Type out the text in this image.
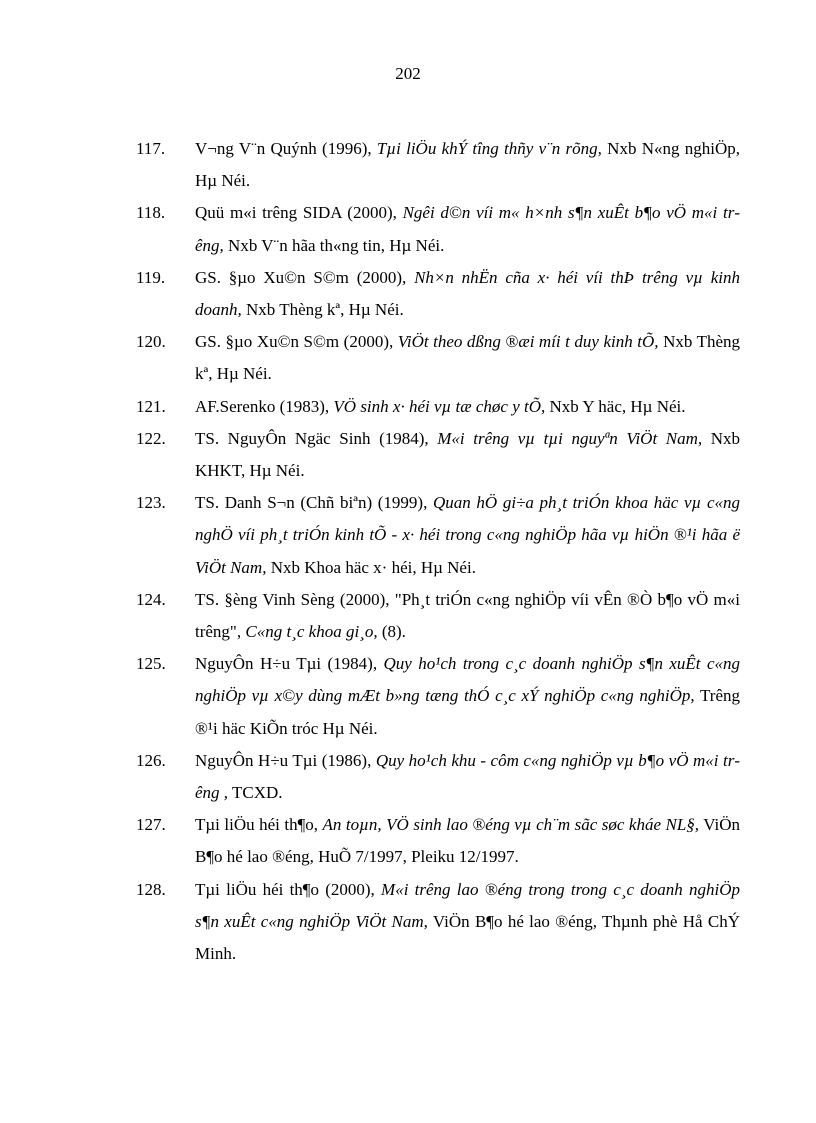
202
117 . V¬ng V¨n Quýnh (1996), Tµi liÖu khÝ tîng thñy v¨n rõng, Nxb N«ng nghiÖp, Hµ Néi.
118 . Quü m«i trêng SIDA (2000), Ngêi d©n víi m« h×nh s¶n xuÊt b¶o vÖ m«i trêng, Nxb V¨n hãa th«ng tin, Hµ Néi.
119 . GS. §µo Xu©n S©m (2000), Nh×n nhËn cña x· héi víi thÞ trêng vµ kinh doanh, Nxb Thèng kª, Hµ Néi.
120 . GS. §µo Xu©n S©m (2000), ViÖt theo dßng ®æi míi t duy kinh tÕ, Nxb Thèng kª, Hµ Néi.
121 . AF.Serenko (1983), VÖ sinh x· héi vµ tæ chøc y tÕ, Nxb Y häc, Hµ Néi.
122 . TS. NguyÔn Ngäc Sinh (1984), M«i trêng vµ tµi nguyªn ViÖt Nam, Nxb KHKT, Hµ Néi.
123 . TS. Danh S¬n (Chñ biªn) (1999), Quan hÖ gi÷a ph¸t triÓn khoa häc vµ c«ng nghÖ víi ph¸t triÓn kinh tÕ - x· héi trong c«ng nghiÖp hãa vµ hiÖn ®¹i hãa ë ViÖt Nam, Nxb Khoa häc x· héi, Hµ Néi.
124 . TS. §èng Vinh Sèng (2000), "Ph¸t triÓn c«ng nghiÖp víi vÊn ®Ò b¶o vÖ m«i trêng", C«ng t¸c khoa gi¸o, (8).
125 . NguyÔn H÷u Tµi (1984), Quy ho¹ch trong c¸c doanh nghiÖp s¶n xuÊt c«ng nghiÖp vµ x©y dùng mÆt b»ng tæng thÓ c¸c xÝ nghiÖp c«ng nghiÖp, Trêng ®¹i häc KiÕn tróc Hµ Néi.
126 . NguyÔn H÷u Tµi (1986), Quy ho¹ch khu - côm c«ng nghiÖp vµ b¶o vÖ m«i trêng , TCXD.
127 . Tµi liÖu héi th¶o, An toµn, VÖ sinh lao ®éng vµ ch¨m sãc søc kháe NL§, ViÖn B¶o hé lao ®éng, HuÕ 7/1997, Pleiku 12/1997.
128 . Tµi liÖu héi th¶o (2000), M«i trêng lao ®éng trong trong c¸c doanh nghiÖp s¶n xuÊt c«ng nghiÖp ViÖt Nam, ViÖn B¶o hé lao ®éng, Thµnh phè Hå ChÝ Minh.
